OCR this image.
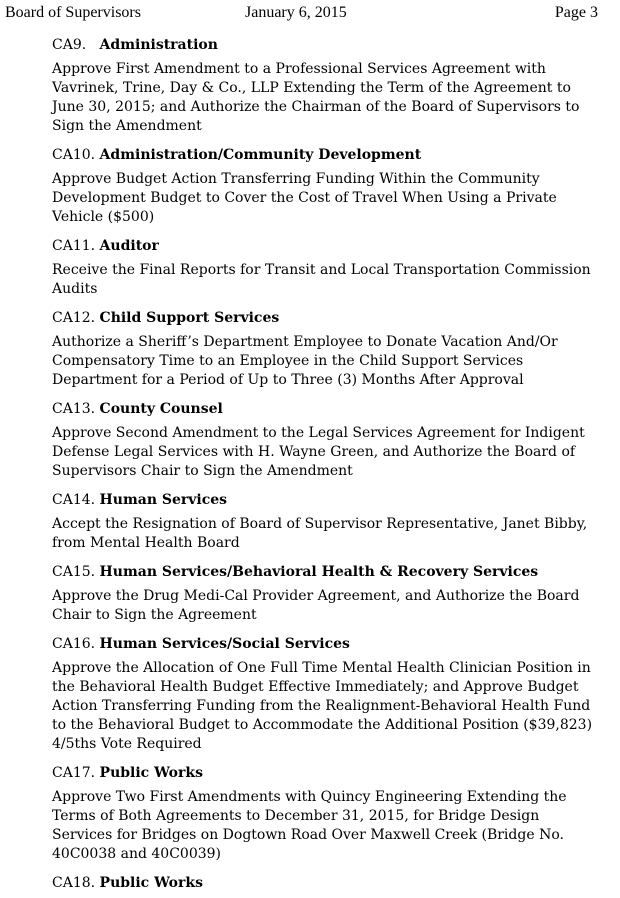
Board of Supervisors	January 6, 2015	Page 3

CA9. Administration

Approve First Amendment to a Professional Services Agreement with Vavrinek, Trine, Day & Co., LLP Extending the Term of the Agreement to June 30, 2015; and Authorize the Chairman of the Board of Supervisors to Sign the Amendment

CA10. Administration/Community Development

Approve Budget Action Transferring Funding Within the Community Development Budget to Cover the Cost of Travel When Using a Private Vehicle ($500)

CA11. Auditor

Receive the Final Reports for Transit and Local Transportation Commission Audits

CA12. Child Support Services

Authorize a Sheriff’s Department Employee to Donate Vacation And/Or Compensatory Time to an Employee in the Child Support Services Department for a Period of Up to Three (3) Months After Approval

CA13. County Counsel

Approve Second Amendment to the Legal Services Agreement for Indigent Defense Legal Services with H. Wayne Green, and Authorize the Board of Supervisors Chair to Sign the Amendment

CA14. Human Services

Accept the Resignation of Board of Supervisor Representative, Janet Bibby, from Mental Health Board

CA15. Human Services/Behavioral Health & Recovery Services

Approve the Drug Medi-Cal Provider Agreement, and Authorize the Board Chair to Sign the Agreement

CA16. Human Services/Social Services

Approve the Allocation of One Full Time Mental Health Clinician Position in the Behavioral Health Budget Effective Immediately; and Approve Budget Action Transferring Funding from the Realignment-Behavioral Health Fund to the Behavioral Budget to Accommodate the Additional Position ($39,823) 4/5ths Vote Required

CA17. Public Works

Approve Two First Amendments with Quincy Engineering Extending the Terms of Both Agreements to December 31, 2015, for Bridge Design Services for Bridges on Dogtown Road Over Maxwell Creek (Bridge No. 40C0038 and 40C0039)

CA18. Public Works
